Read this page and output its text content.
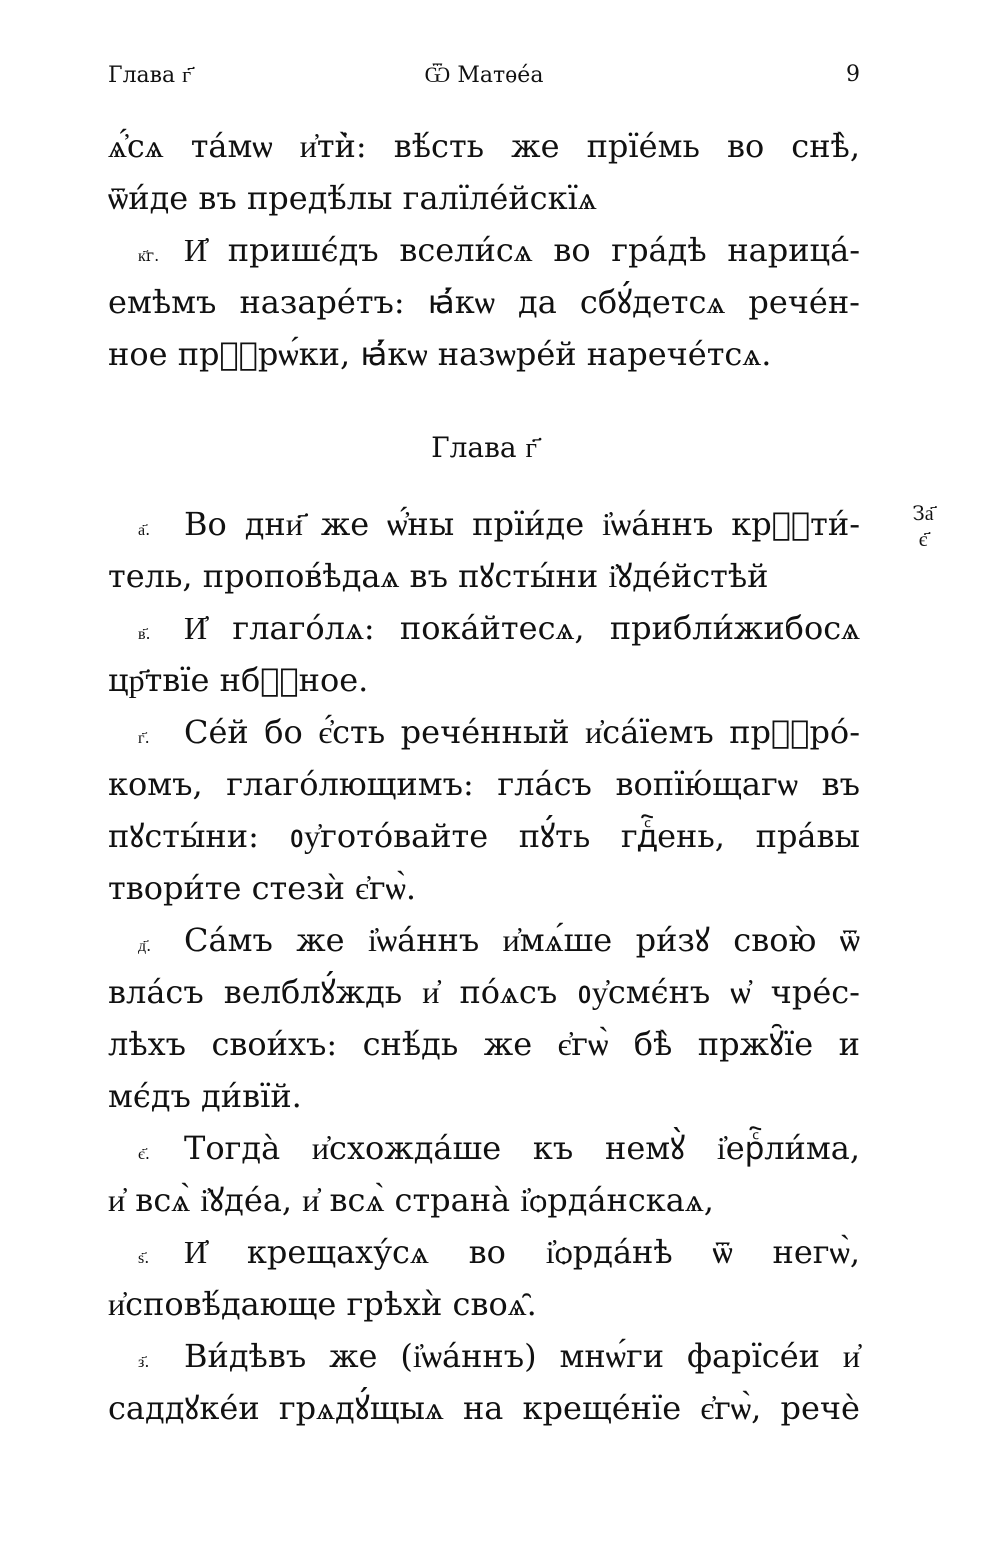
Глава г҃	Ѿ Матѳе́а	9
ѧ҆́сѧ та́мѡ и҆ти̇̀: вѣ́сть же прїе́мь во снѣ̀,
ѿи́де въ предѣ́лы галїле́йскїѧ
к҃г. И҆ пришє́дъ всели́сѧ во гра́дѣ нарица́-
емѣмъ назаре́тъ: ꙗ҆́кѡ да сбꙋ́детсѧ рече́н-
ное прⷪ҇рѡ́ки, ꙗ҆́кѡ назѡре́й нарече́тсѧ.
Глава г҃
За҃
є҃
а҃. Во дни҃ же ѡ҆́ны прїи́де і҆ѡа́ннъ крⷭ҇ти́-
тель, пропов́ѣдаѧ въ пꙋсты́ни і҆ꙋде́йстѣй
в҃. И҆ глаго́лѧ: пока́йтесѧ, прибли́жибосѧ
цр҃твїе нбⷭ҇ное.
г҃. Се́й бо є҆́сть рече́нный и҆са́їемъ прⷪ҇ро́-
комъ, глаго́лющимъ: гла́съ вопїю́щагѡ въ
пꙋсты́ни: ᲂу҆гото́вайте пꙋ́ть гдⷭ҇ень, пра́вы
твори́те стезѝ є҆гѡ̀.
д҃. Са́мъ же і҆ѡа́ннъ и҆мѧ́ше ри́зꙋ свою̀ ѿ
вла́съ велблꙋ́ждь и҆ по́ѧсъ ᲂу҆смє́нъ ѡ҆ чре́с-
лѣхъ свои́хъ: снѣ́дь же є҆гѡ̀ бѣ̀ пржꙋ̑їе и
мє́дъ ди́вїй.
є҃. Тогда̀ и҆схожда́ше къ немꙋ̀ і҆ерⷭ҇ли́ма,
и҆ всѧ̀ і҆ꙋде́а, и҆ всѧ̀ страна̀ і҆ѻрда́нскаѧ,
ѕ҃. И҆ крещаху́сѧ во і҆ѻрда́нѣ ѿ негѡ̀,
и҆сповѣ́дающе грѣхѝ своѧ̑.
з҃. Ви́дѣвъ же (і҆ѡа́ннъ) мнѡ́ги фарїсе́и и҆
саддꙋке́и грѧдꙋ́щыѧ на креще́нїе є҆гѡ̀, речѐ
